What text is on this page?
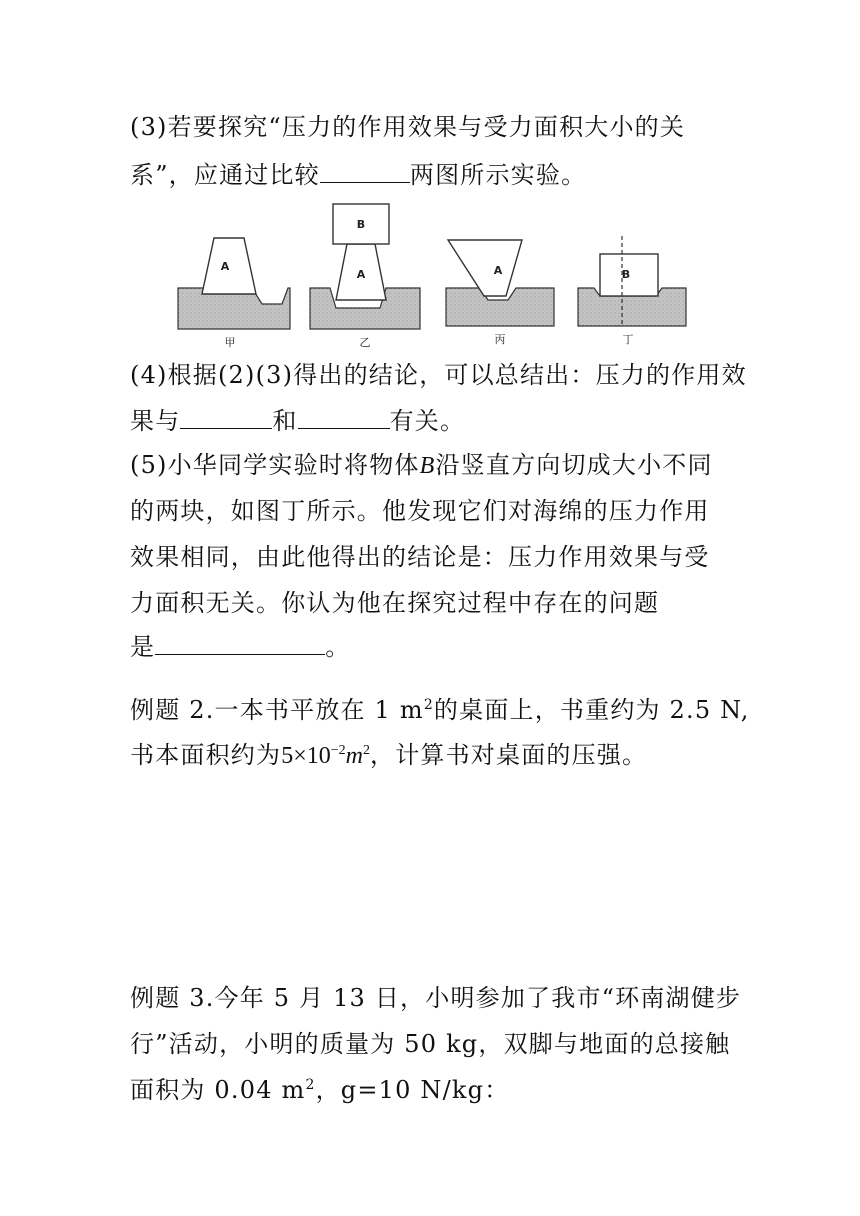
(3)若要探究“压力的作用效果与受力面积大小的关
系”，应通过比较	两图所示实验。
A
甲
A
B
乙
A
丙
B
丁
(4)根据(2)(3)得出的结论，可以总结出：压力的作用效
果与	和	有关。
(5)小华同学实验时将物体B沿竖直方向切成大小不同
的两块，如图丁所示。他发现它们对海绵的压力作用
效果相同，由此他得出的结论是：压力作用效果与受
力面积无关。你认为他在探究过程中存在的问题
是	。
例题 2.一本书平放在 1 $m^2$的桌面上，书重约为 2.5 N,
书本面积约为$5\times 10^{-2}m^2$，计算书对桌面的压强。
例题 3.今年 5 月 13 日，小明参加了我市“环南湖健步
行”活动，小明的质量为 50 kg，双脚与地面的总接触
面积为 0.04 $m^2$，g=10 N/kg：
